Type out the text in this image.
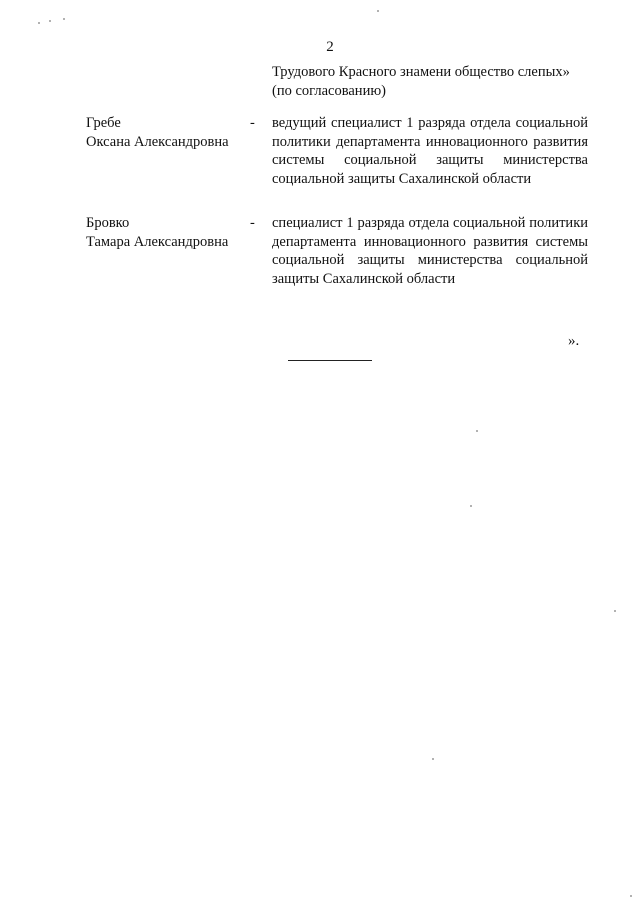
2
Трудового Красного знамени общество слепых»
(по согласованию)
Гребе
Оксана Александровна
- ведущий специалист 1 разряда отдела социальной политики департамента инновационного развития системы социальной защиты министерства социальной защиты Сахалинской области
Бровко
Тамара Александровна
- специалист 1 разряда отдела социальной политики департамента инновационного развития системы социальной защиты министерства социальной защиты Сахалинской области
».
